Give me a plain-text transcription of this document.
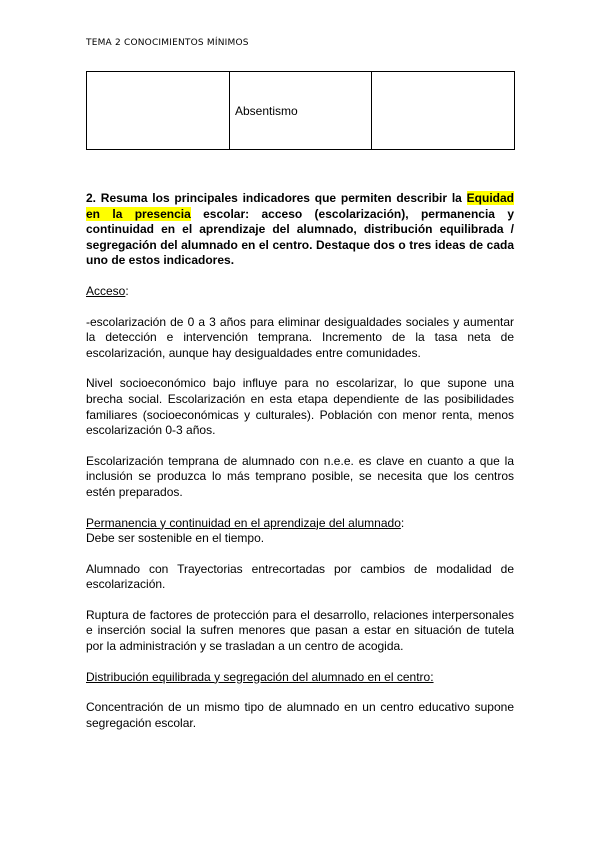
TEMA 2 CONOCIMIENTOS MÍNIMOS
	Absentismo	

2. Resuma los principales indicadores que permiten describir la Equidad en la presencia escolar: acceso (escolarización), permanencia y continuidad en el aprendizaje del alumnado, distribución equilibrada / segregación del alumnado en el centro. Destaque dos o tres ideas de cada uno de estos indicadores.

Acceso:

-escolarización de 0 a 3 años para eliminar desigualdades sociales y aumentar la detección e intervención temprana. Incremento de la tasa neta de escolarización, aunque hay desigualdades entre comunidades.

Nivel socioeconómico bajo influye para no escolarizar, lo que supone una brecha social. Escolarización en esta etapa dependiente de las posibilidades familiares (socioeconómicas y culturales). Población con menor renta, menos escolarización 0-3 años.

Escolarización temprana de alumnado con n.e.e. es clave en cuanto a que la inclusión se produzca lo más temprano posible, se necesita que los centros estén preparados.

Permanencia y continuidad en el aprendizaje del alumnado:

Debe ser sostenible en el tiempo.

Alumnado con Trayectorias entrecortadas por cambios de modalidad de escolarización.

Ruptura de factores de protección para el desarrollo, relaciones interpersonales e inserción social la sufren menores que pasan a estar en situación de tutela por la administración y se trasladan a un centro de acogida.

Distribución equilibrada y segregación del alumnado en el centro:

Concentración de un mismo tipo de alumnado en un centro educativo supone segregación escolar.
